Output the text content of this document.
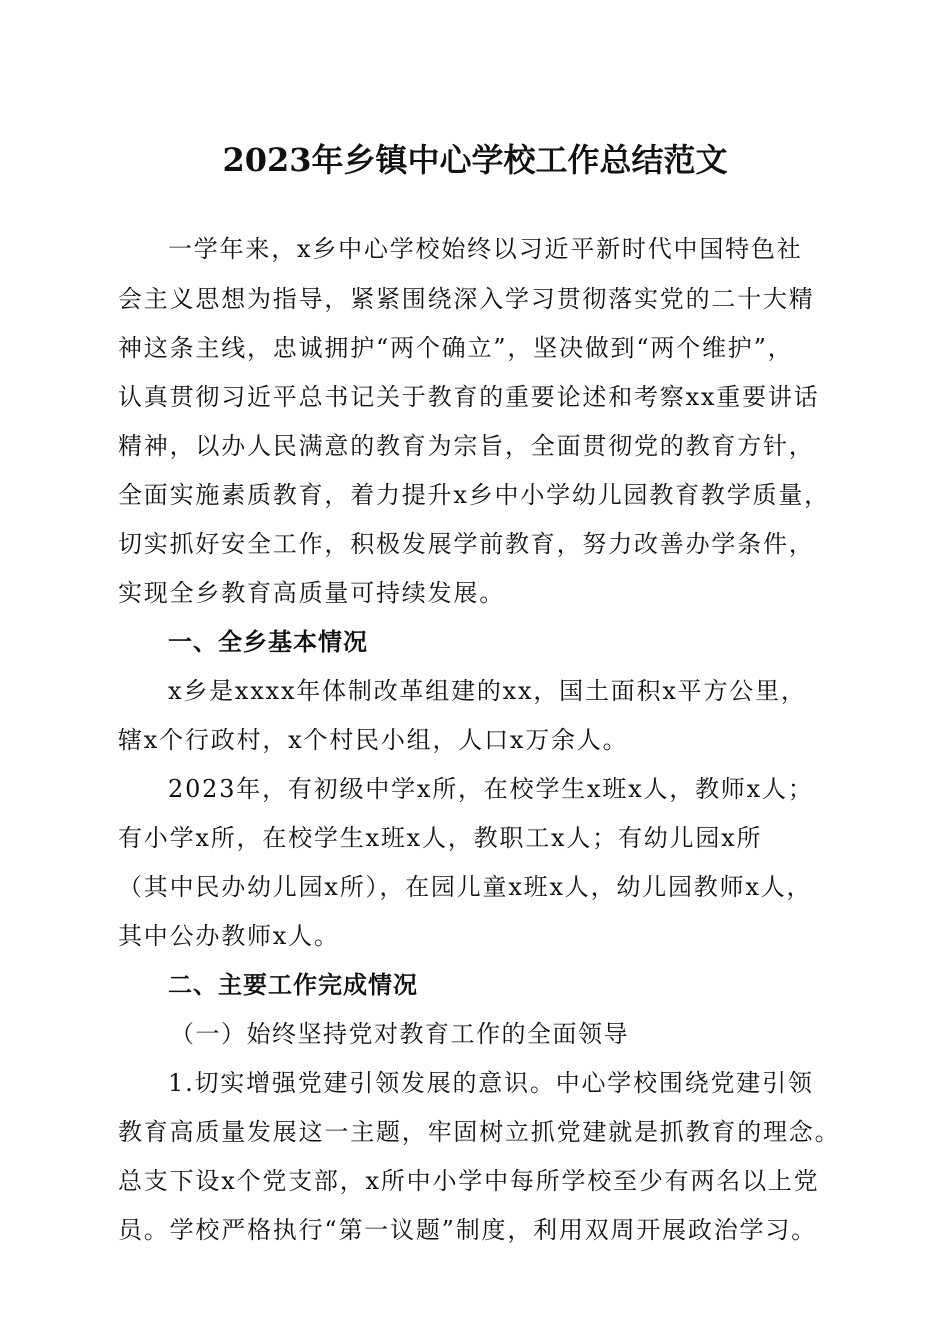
2023年乡镇中心学校工作总结范文
一学年来，x乡中心学校始终以习近平新时代中国特色社
会主义思想为指导，紧紧围绕深入学习贯彻落实党的二十大精
神这条主线，忠诚拥护“两个确立”，坚决做到“两个维护”，
认真贯彻习近平总书记关于教育的重要论述和考察xx重要讲话
精神，以办人民满意的教育为宗旨，全面贯彻党的教育方针，
全面实施素质教育，着力提升x乡中小学幼儿园教育教学质量，
切实抓好安全工作，积极发展学前教育，努力改善办学条件，
实现全乡教育高质量可持续发展。
一、全乡基本情况
x乡是xxxx年体制改革组建的xx，国土面积x平方公里，
辖x个行政村，x个村民小组，人口x万余人。
2023年，有初级中学x所，在校学生x班x人，教师x人；
有小学x所，在校学生x班x人，教职工x人；有幼儿园x所
（其中民办幼儿园x所），在园儿童x班x人，幼儿园教师x人，
其中公办教师x人。
二、主要工作完成情况
（一）始终坚持党对教育工作的全面领导
1.切实增强党建引领发展的意识。中心学校围绕党建引领
教育高质量发展这一主题，牢固树立抓党建就是抓教育的理念。
总支下设x个党支部，x所中小学中每所学校至少有两名以上党
员。学校严格执行“第一议题”制度，利用双周开展政治学习。
